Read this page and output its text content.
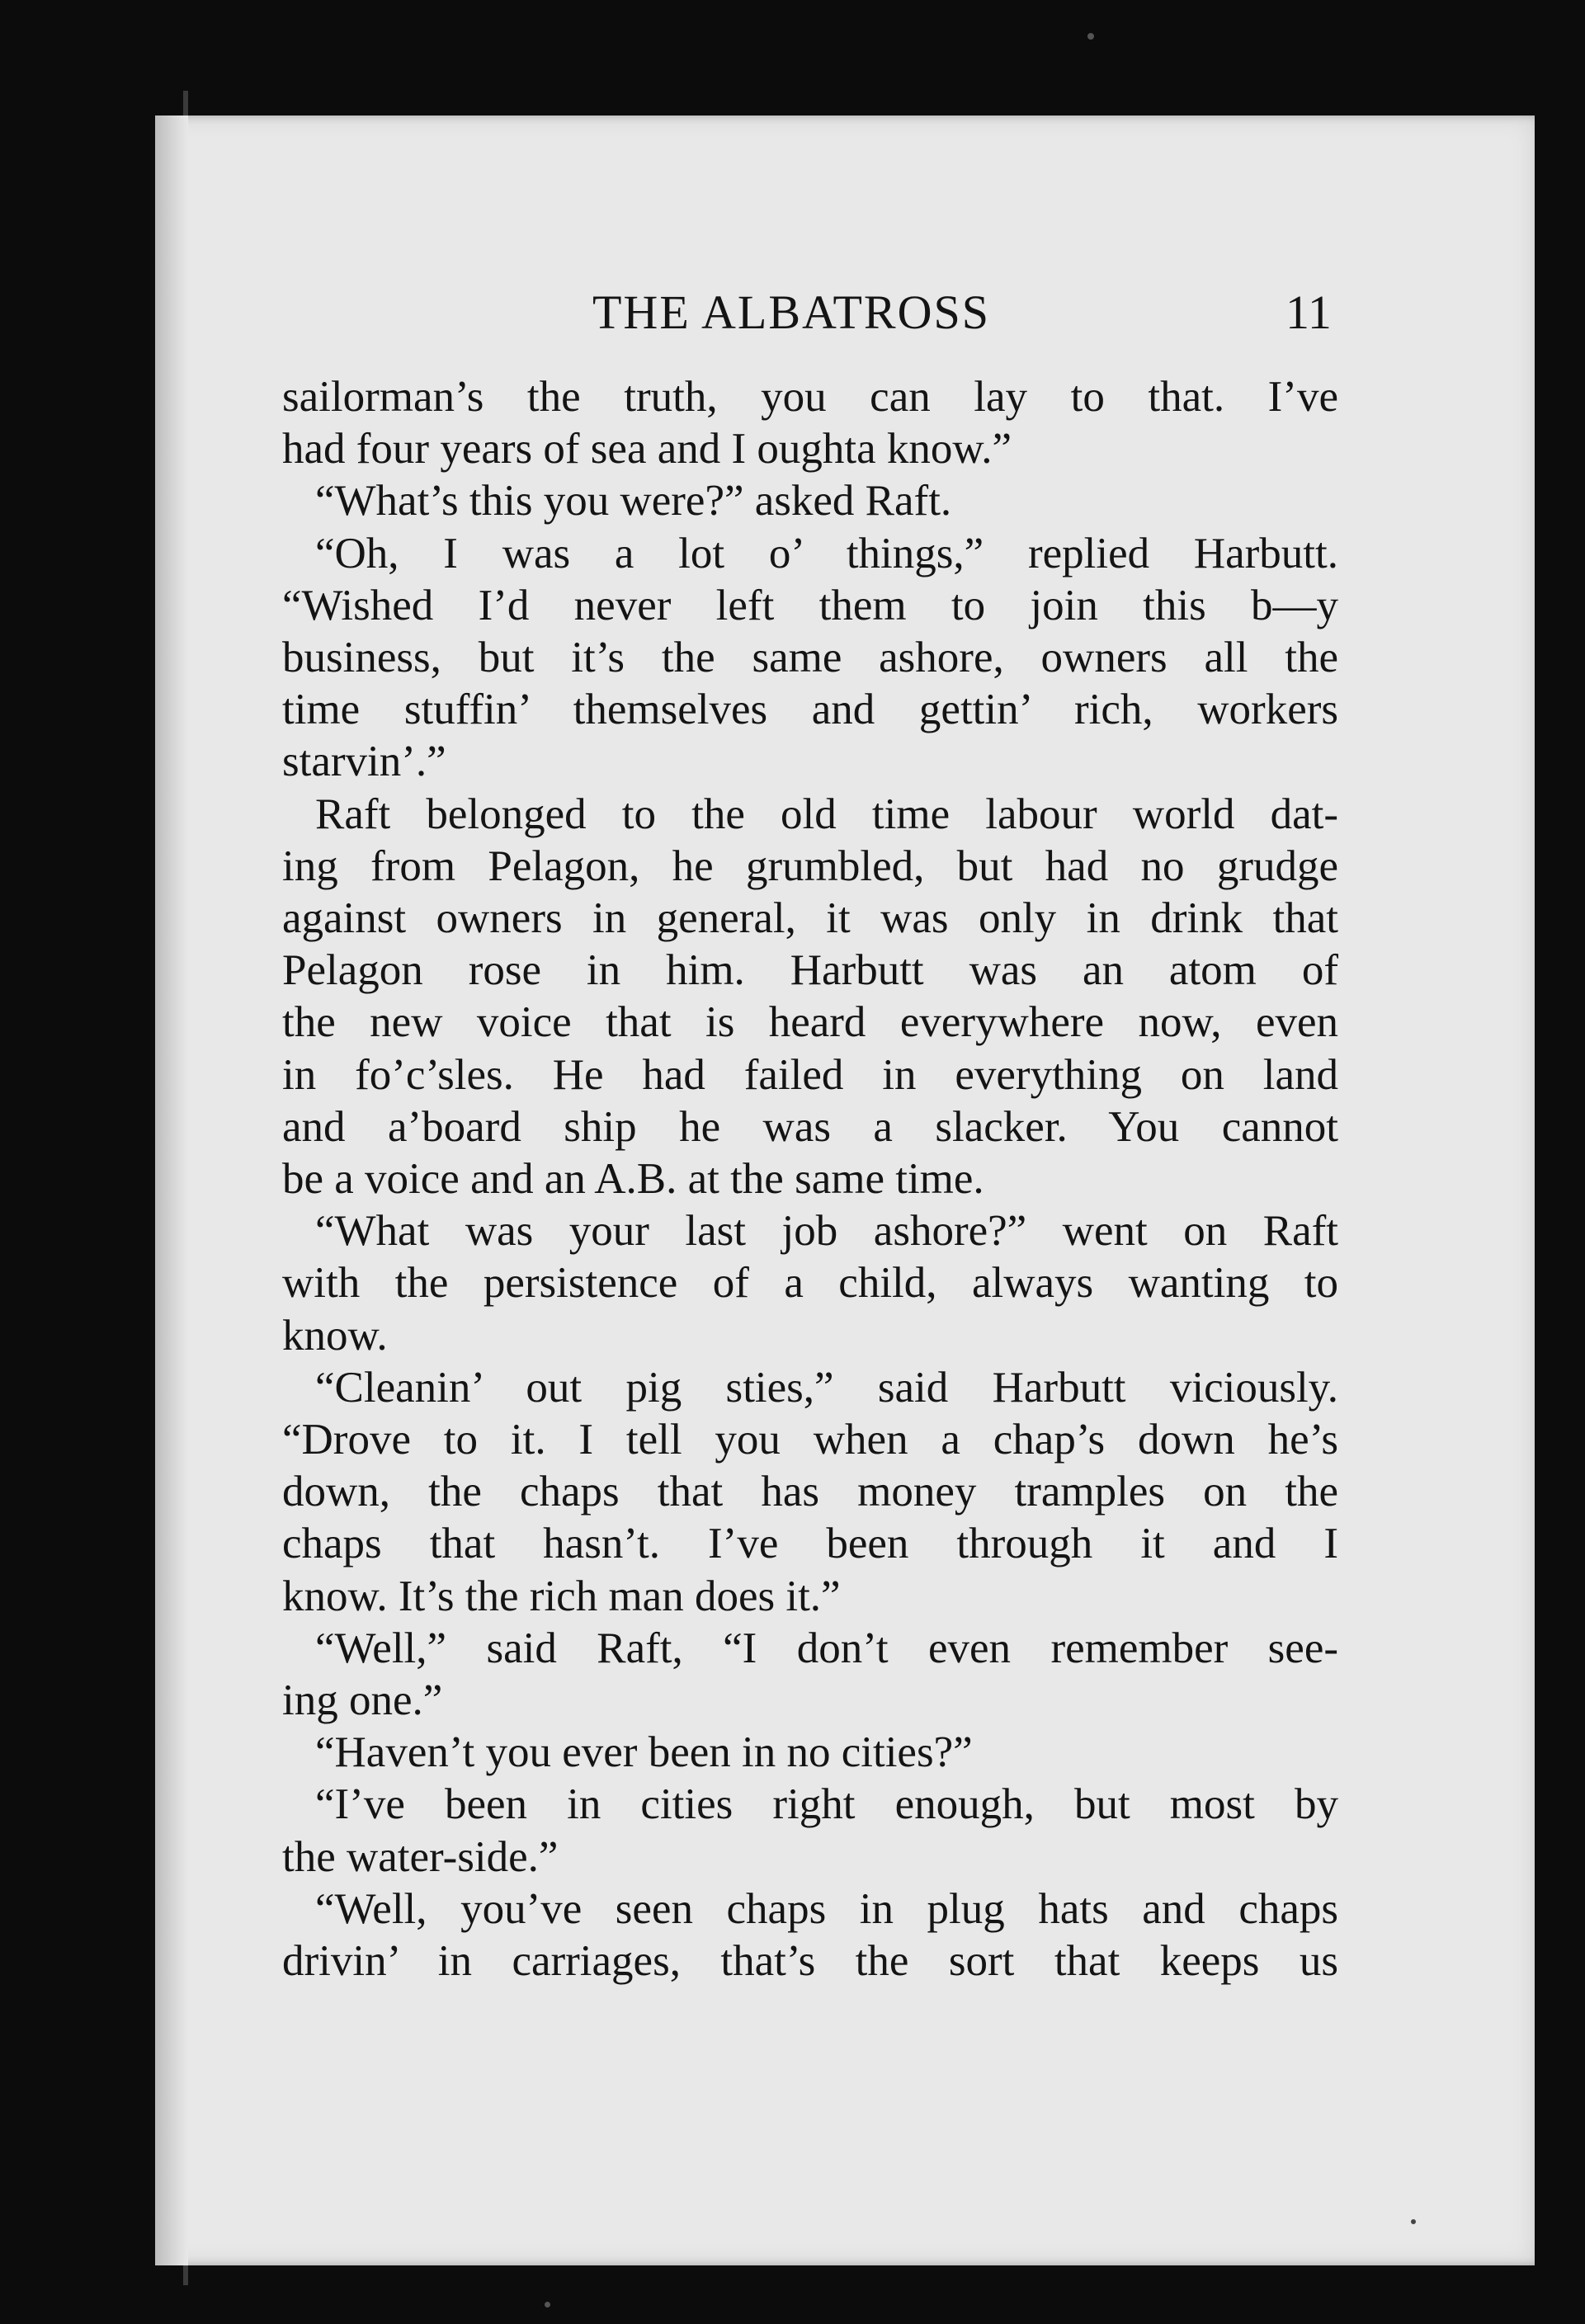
THE ALBATROSS	11

sailorman’s the truth, you can lay to that. I’ve

had four years of sea and I oughta know.”

“What’s this you were?” asked Raft.

“Oh, I was a lot o’ things,” replied Harbutt.

“Wished I’d never left them to join this b—y

business, but it’s the same ashore, owners all the

time stuffin’ themselves and gettin’ rich, workers

starvin’.”

Raft belonged to the old time labour world dat-

ing from Pelagon, he grumbled, but had no grudge

against owners in general, it was only in drink that

Pelagon rose in him. Harbutt was an atom of

the new voice that is heard everywhere now, even

in fo’c’sles. He had failed in everything on land

and a’board ship he was a slacker. You cannot

be a voice and an A.B. at the same time.

“What was your last job ashore?” went on Raft

with the persistence of a child, always wanting to

know.

“Cleanin’ out pig sties,” said Harbutt viciously.

“Drove to it. I tell you when a chap’s down he’s

down, the chaps that has money tramples on the

chaps that hasn’t. I’ve been through it and I

know. It’s the rich man does it.”

“Well,” said Raft, “I don’t even remember see-

ing one.”

“Haven’t you ever been in no cities?”

“I’ve been in cities right enough, but most by

the water-side.”

“Well, you’ve seen chaps in plug hats and chaps

drivin’ in carriages, that’s the sort that keeps us
